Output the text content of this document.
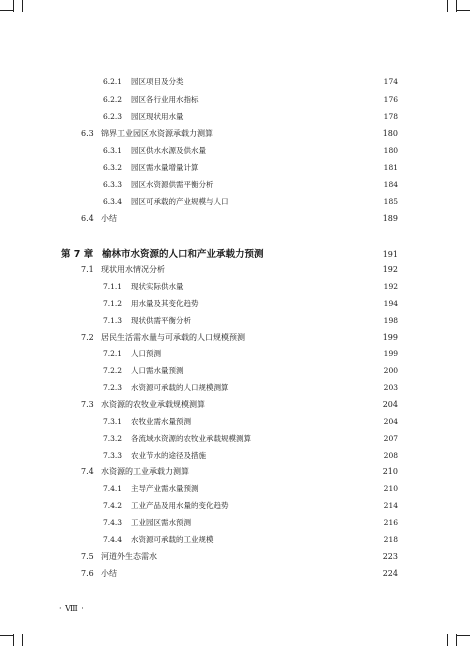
6.2.1 园区项目及分类	174
6.2.2 园区各行业用水指标	176
6.2.3 园区现状用水量	178
6.3 锦界工业园区水资源承载力测算	180
6.3.1 园区供水水源及供水量	180
6.3.2 园区需水量增量计算	181
6.3.3 园区水资源供需平衡分析	184
6.3.4 园区可承载的产业规模与人口	185
6.4 小结	189
第 7 章 榆林市水资源的人口和产业承载力预测	191
7.1 现状用水情况分析	192
7.1.1 现状实际供水量	192
7.1.2 用水量及其变化趋势	194
7.1.3 现状供需平衡分析	198
7.2 居民生活需水量与可承载的人口规模预测	199
7.2.1 人口预测	199
7.2.2 人口需水量预测	200
7.2.3 水资源可承载的人口规模测算	203
7.3 水资源的农牧业承载规模测算	204
7.3.1 农牧业需水量预测	204
7.3.2 各流域水资源的农牧业承载规模测算	207
7.3.3 农业节水的途径及措施	208
7.4 水资源的工业承载力测算	210
7.4.1 主导产业需水量预测	210
7.4.2 工业产品及用水量的变化趋势	214
7.4.3 工业园区需水预测	216
7.4.4 水资源可承载的工业规模	218
7.5 河道外生态需水	223
7.6 小结	224
· Ⅷ ·
